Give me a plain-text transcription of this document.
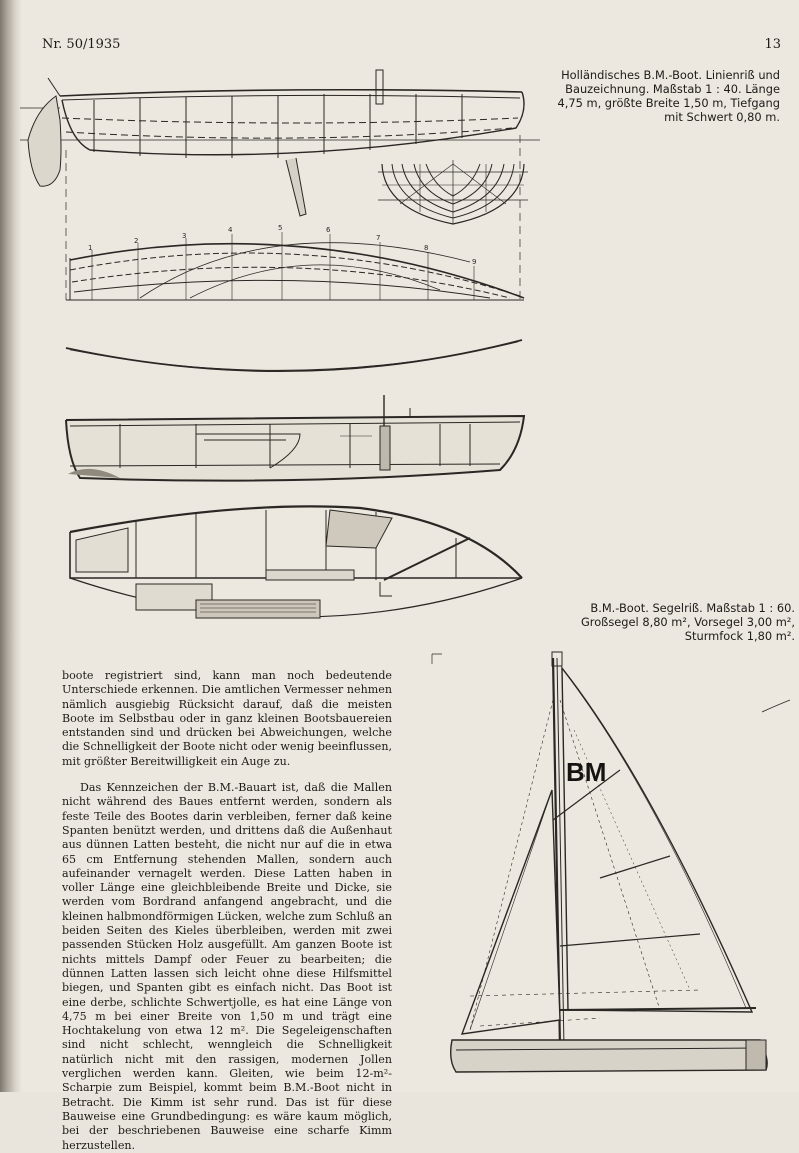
Nr. 50/1935	13
Holländisches B.M.-Boot. Linienriß und Bauzeichnung. Maßstab 1 : 40. Länge 4,75 m, größte Breite 1,50 m, Tiefgang mit Schwert 0,80 m.
B.M.-Boot. Segelriß. Maßstab 1 : 60. Großsegel 8,80 m², Vorsegel 3,00 m², Sturmfock 1,80 m².
1
2
3
4	5	6
7
8
9
BM

boote registriert sind, kann man noch bedeutende Unterschiede erkennen. Die amtlichen Vermesser nehmen nämlich ausgiebig Rücksicht darauf, daß die meisten Boote im Selbstbau oder in ganz kleinen Bootsbauereien entstanden sind und drücken bei Abweichungen, welche die Schnelligkeit der Boote nicht oder wenig beeinflussen, mit größter Bereitwilligkeit ein Auge zu.

Das Kennzeichen der B.M.-Bauart ist, daß die Mallen nicht während des Baues entfernt werden, sondern als feste Teile des Bootes darin verbleiben, ferner daß keine Spanten benützt werden, und drittens daß die Außenhaut aus dünnen Latten besteht, die nicht nur auf die in etwa 65 cm Entfernung stehenden Mallen, sondern auch aufeinander vernagelt werden. Diese Latten haben in voller Länge eine gleichbleibende Breite und Dicke, sie werden vom Bordrand anfangend angebracht, und die kleinen halbmondförmigen Lücken, welche zum Schluß an beiden Seiten des Kieles überbleiben, werden mit zwei passenden Stücken Holz ausgefüllt. Am ganzen Boote ist nichts mittels Dampf oder Feuer zu bearbeiten; die dünnen Latten lassen sich leicht ohne diese Hilfsmittel biegen, und Spanten gibt es einfach nicht. Das Boot ist eine derbe, schlichte Schwertjolle, es hat eine Länge von 4,75 m bei einer Breite von 1,50 m und trägt eine Hochtakelung von etwa 12 m². Die Segeleigenschaften sind nicht schlecht, wenngleich die Schnelligkeit natürlich nicht mit den rassigen, modernen Jollen verglichen werden kann. Gleiten, wie beim 12-m²-Scharpie zum Beispiel, kommt beim B.M.-Boot nicht in Betracht. Die Kimm ist sehr rund. Das ist für diese Bauweise eine Grundbedingung: es wäre kaum möglich, bei der beschriebenen Bauweise eine scharfe Kimm herzustellen.
